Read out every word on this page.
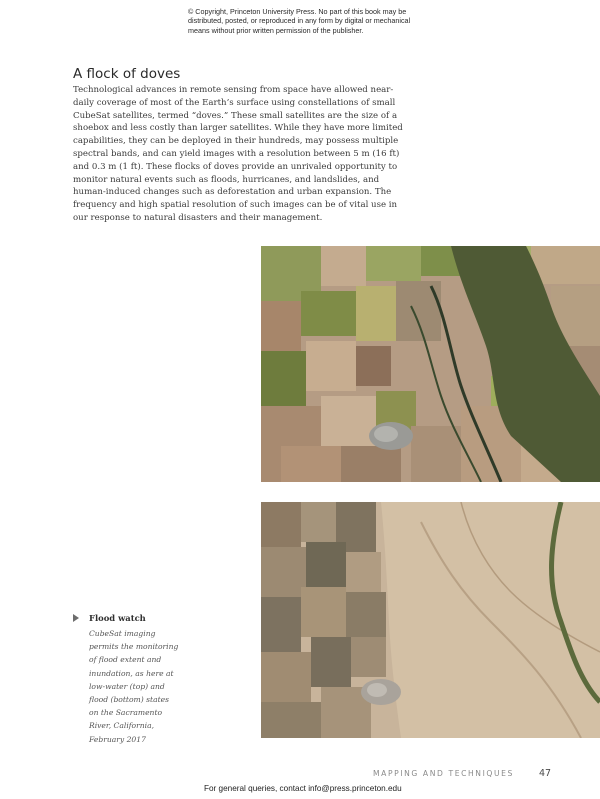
© Copyright, Princeton University Press. No part of this book may be distributed, posted, or reproduced in any form by digital or mechanical means without prior written permission of the publisher.
A flock of doves

Technological advances in remote sensing from space have allowed near-daily coverage of most of the Earth’s surface using constellations of small CubeSat satellites, termed “doves.” These small satellites are the size of a shoebox and less costly than larger satellites. While they have more limited capabilities, they can be deployed in their hundreds, may possess multiple spectral bands, and can yield images with a resolution between 5 m (16 ft) and 0.3 m (1 ft). These flocks of doves provide an unrivaled opportunity to monitor natural events such as floods, hurricanes, and landslides, and human-induced changes such as deforestation and urban expansion. The frequency and high spatial resolution of such images can be of vital use in our response to natural disasters and their management.

Flood watch
CubeSat imaging permits the monitoring of flood extent and inundation, as here at low-water (top) and flood (bottom) states on the Sacramento River, California, February 2017
MAPPING AND TECHNIQUES	47
For general queries, contact info@press.princeton.edu
